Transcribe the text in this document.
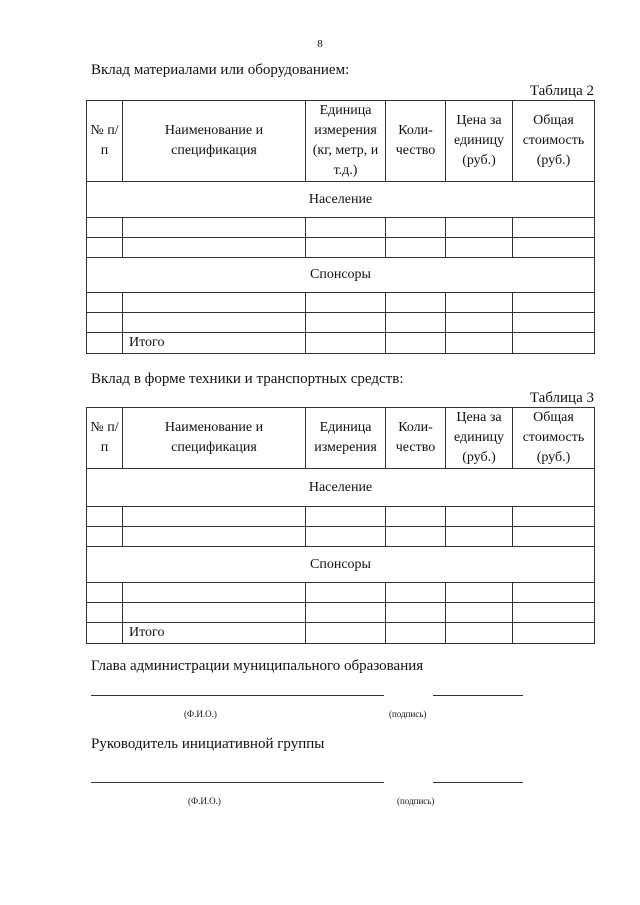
8
Вклад материалами или оборудованием:
Таблица 2
№ п/п	Наименование и спецификация	Единица измерения (кг, метр, и т.д.)	Коли-чество	Цена за единицу (руб.)	Общая стоимость (руб.)
Население					

Спонсоры					

	Итого				
Вклад в форме техники и транспортных средств:
Таблица 3
№ п/п	Наименование и спецификация	Единица измерения	Коли-чество	Цена за единицу (руб.)	Общая стоимость (руб.)
Население					

Спонсоры					

	Итого				
Глава администрации муниципального образования
(Ф.И.О.)	(подпись)
Руководитель инициативной группы
(Ф.И.О.)	(подпись)
